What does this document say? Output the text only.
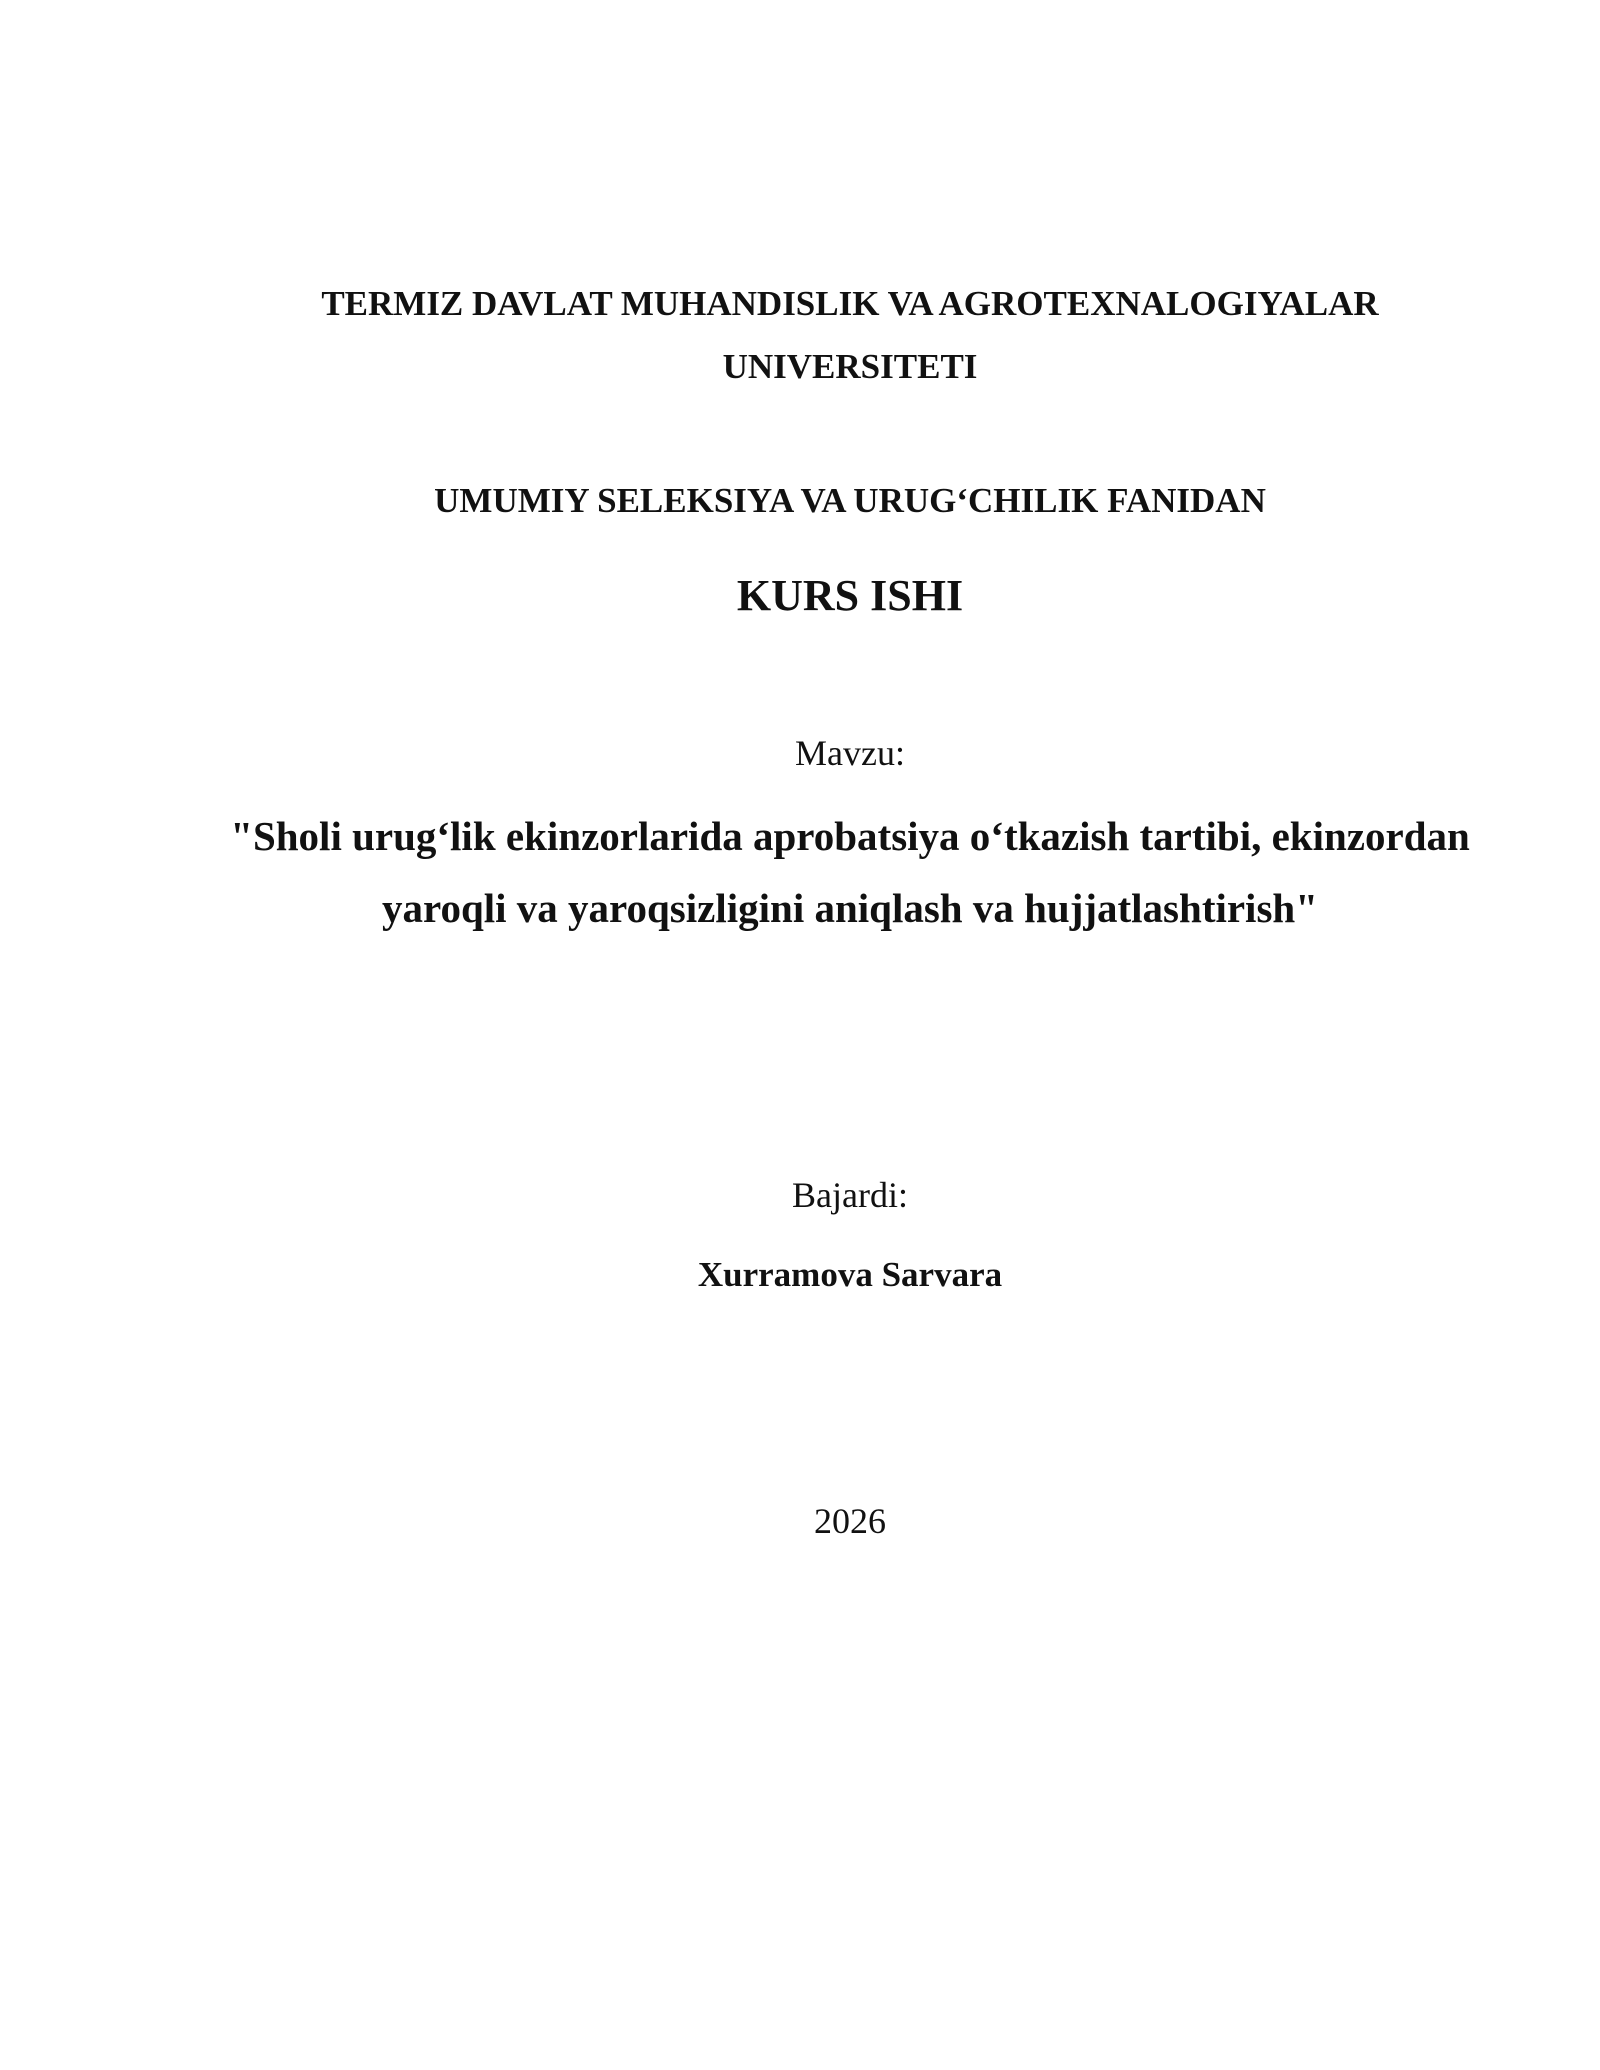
TERMIZ DAVLAT MUHANDISLIK VA AGROTEXNALOGIYALAR
UNIVERSITETI
UMUMIY SELEKSIYA VA URUG‘CHILIK FANIDAN
KURS ISHI
Mavzu:
"Sholi urug‘lik ekinzorlarida aprobatsiya o‘tkazish tartibi, ekinzordan
yaroqli va yaroqsizligini aniqlash va hujjatlashtirish"
Bajardi:
Xurramova Sarvara
2026
